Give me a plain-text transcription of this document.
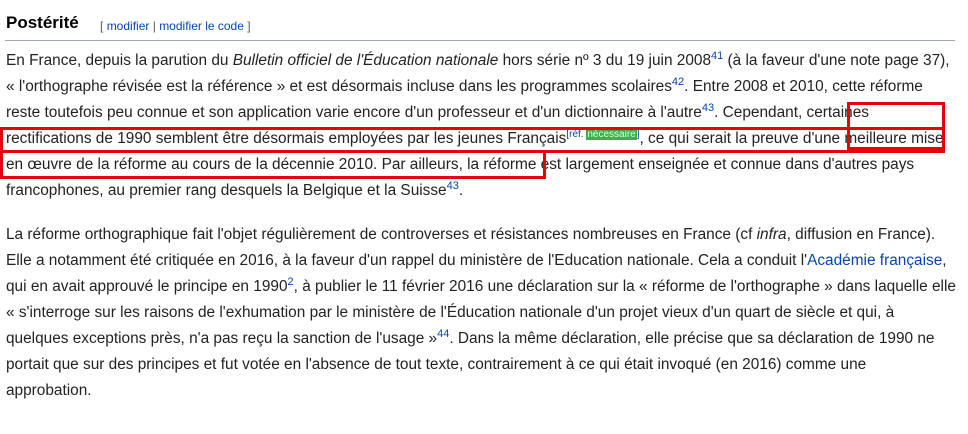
Postérité [ modifier | modifier le code ]

En France, depuis la parution du Bulletin officiel de l'Éducation nationale hors série nº 3 du 19 juin 2008$^{41}$ (à la faveur d'une note page 37), « l'orthographe révisée est la référence » et est désormais incluse dans les programmes scolaires$^{42}$. Entre 2008 et 2010, cette réforme reste toutefois peu connue et son application varie encore d'un professeur et d'un dictionnaire à l'autre$^{43}$. Cependant, certaines rectifications de 1990 semblent être désormais employées par les jeunes Français[réf. nécessaire], ce qui serait la preuve d'une meilleure mise en œuvre de la réforme au cours de la décennie 2010. Par ailleurs, la réforme est largement enseignée et connue dans d'autres pays francophones, au premier rang desquels la Belgique et la Suisse$^{43}$.

La réforme orthographique fait l'objet régulièrement de controverses et résistances nombreuses en France (cf infra, diffusion en France). Elle a notamment été critiquée en 2016, à la faveur d'un rappel du ministère de l'Education nationale. Cela a conduit l'Académie française, qui en avait approuvé le principe en 1990$^2$, à publier le 11 février 2016 une déclaration sur la « réforme de l'orthographe » dans laquelle elle « s'interroge sur les raisons de l'exhumation par le ministère de l'Éducation nationale d'un projet vieux d'un quart de siècle et qui, à quelques exceptions près, n'a pas reçu la sanction de l'usage »$^{44}$. Dans la même déclaration, elle précise que sa déclaration de 1990 ne portait que sur des principes et fut votée en l'absence de tout texte, contrairement à ce qui était invoqué (en 2016) comme une approbation.
